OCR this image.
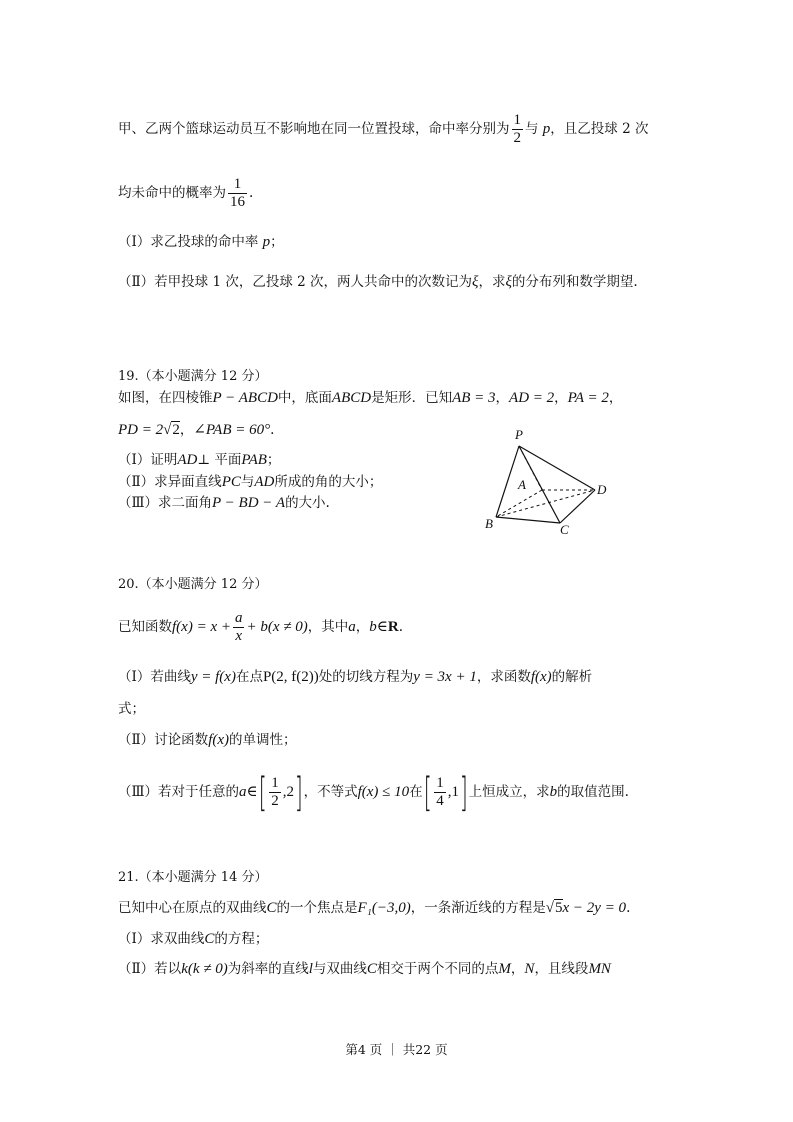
甲、乙两个篮球运动员互不影响地在同一位置投球，命中率分别为 $\frac{1}{2}$ 与 p，且乙投球 2 次
均未命中的概率为 $\frac{1}{16}$ .
（Ⅰ）求乙投球的命中率 p；
（Ⅱ）若甲投球 1 次，乙投球 2 次，两人共命中的次数记为ξ，求ξ的分布列和数学期望.
19.（本小题满分 12 分）
如图，在四棱锥P − ABCD中，底面ABCD是矩形．已知AB = 3，AD = 2，PA = 2，
PD = 2√2，∠PAB = 60°.
（Ⅰ）证明AD⊥ 平面PAB；
（Ⅱ）求异面直线PC与AD所成的角的大小；
（Ⅲ）求二面角P − BD − A的大小.
P
A	D
B	C
20.（本小题满分 12 分）
已知函数$f(x) = x + \frac{a}{x} + b(x \ne 0)$，其中a，b∈R.
（Ⅰ）若曲线y = f(x)在点P(2, f(2))处的切线方程为y = 3x + 1，求函数f(x)的解析
式；
（Ⅱ）讨论函数f(x)的单调性；
（Ⅲ）若对于任意的a∈[ $\frac{1}{2} ,2$]，不等式f(x) ≤ 10在[ $\frac{1}{4} ,1$]上恒成立，求b的取值范围.
21.（本小题满分 14 分）
已知中心在原点的双曲线C的一个焦点是F₁(−3,0)，一条渐近线的方程是√5x − 2y = 0.
（Ⅰ）求双曲线C的方程；
（Ⅱ）若以k(k ≠ 0)为斜率的直线l与双曲线C相交于两个不同的点M，N，且线段MN
第4 页 ｜ 共22 页
